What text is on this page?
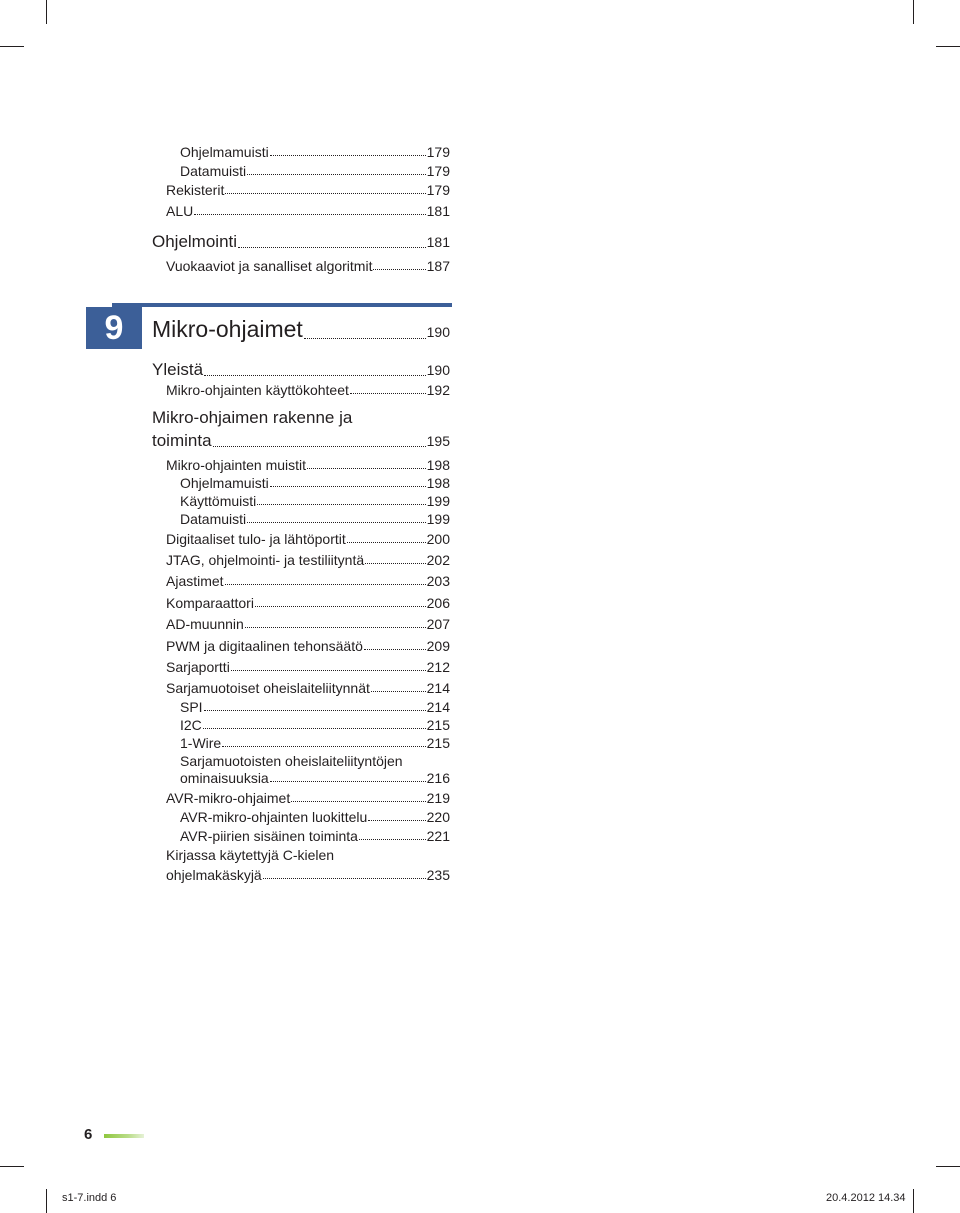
Ohjelmamuisti	179
Datamuisti	179
Rekisterit	179
ALU	181
Ohjelmointi	181
Vuokaaviot ja sanalliset algoritmit	187
9	Mikro-ohjaimet	190
Yleistä	190
Mikro-ohjainten käyttökohteet	192
Mikro-ohjaimen rakenne ja
toiminta	195
Mikro-ohjainten muistit	198
Ohjelmamuisti	198
Käyttömuisti	199
Datamuisti	199
Digitaaliset tulo- ja lähtöportit	200
JTAG, ohjelmointi- ja testiliityntä	202
Ajastimet	203
Komparaattori	206
AD-muunnin	207
PWM ja digitaalinen tehonsäätö	209
Sarjaportti	212
Sarjamuotoiset oheislaiteliitynnät	214
SPI	214
I2C	215
1-Wire	215
Sarjamuotoisten oheislaiteliityntöjen
ominaisuuksia	216
AVR-mikro-ohjaimet	219
AVR-mikro-ohjainten luokittelu	220
AVR-piirien sisäinen toiminta	221
Kirjassa käytettyjä C-kielen
ohjelmakäskyjä	235
6
s1-7.indd 6	20.4.2012 14.34
